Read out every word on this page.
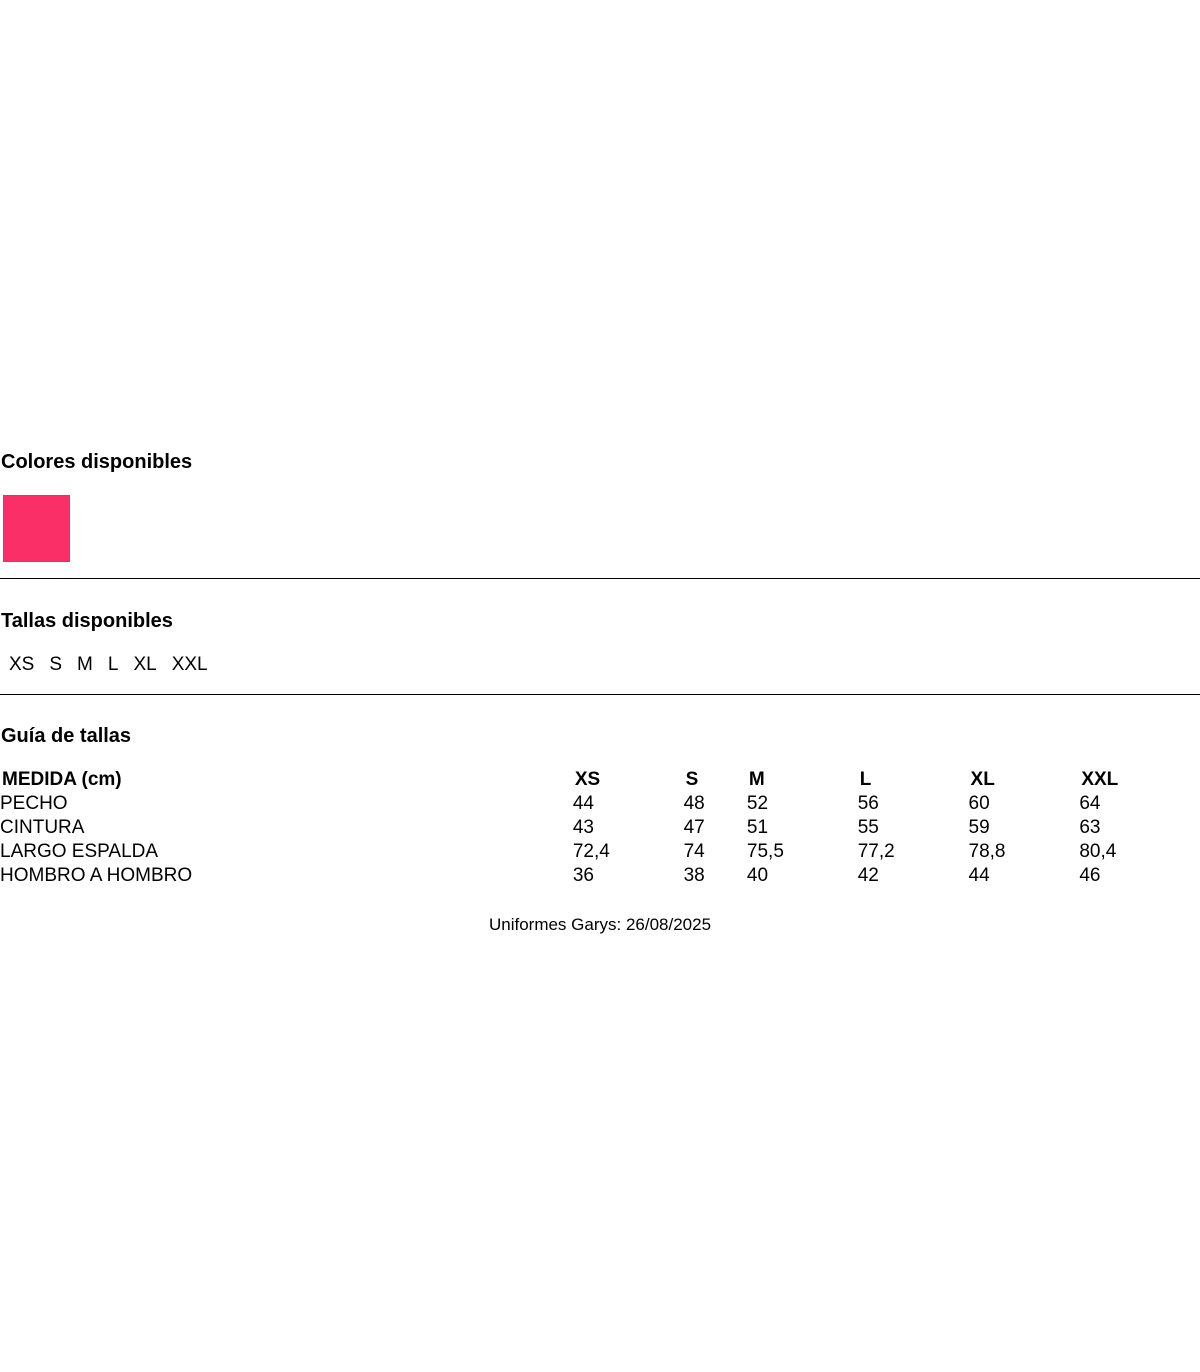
Colores disponibles
Tallas disponibles
XS S M L XL XXL
Guía de tallas
MEDIDA (cm)	XS	S	M	L	XL	XXL
PECHO	44	48	52	56	60	64
CINTURA	43	47	51	55	59	63
LARGO ESPALDA	72,4	74	75,5	77,2	78,8	80,4
HOMBRO A HOMBRO	36	38	40	42	44	46
Uniformes Garys: 26/08/2025
